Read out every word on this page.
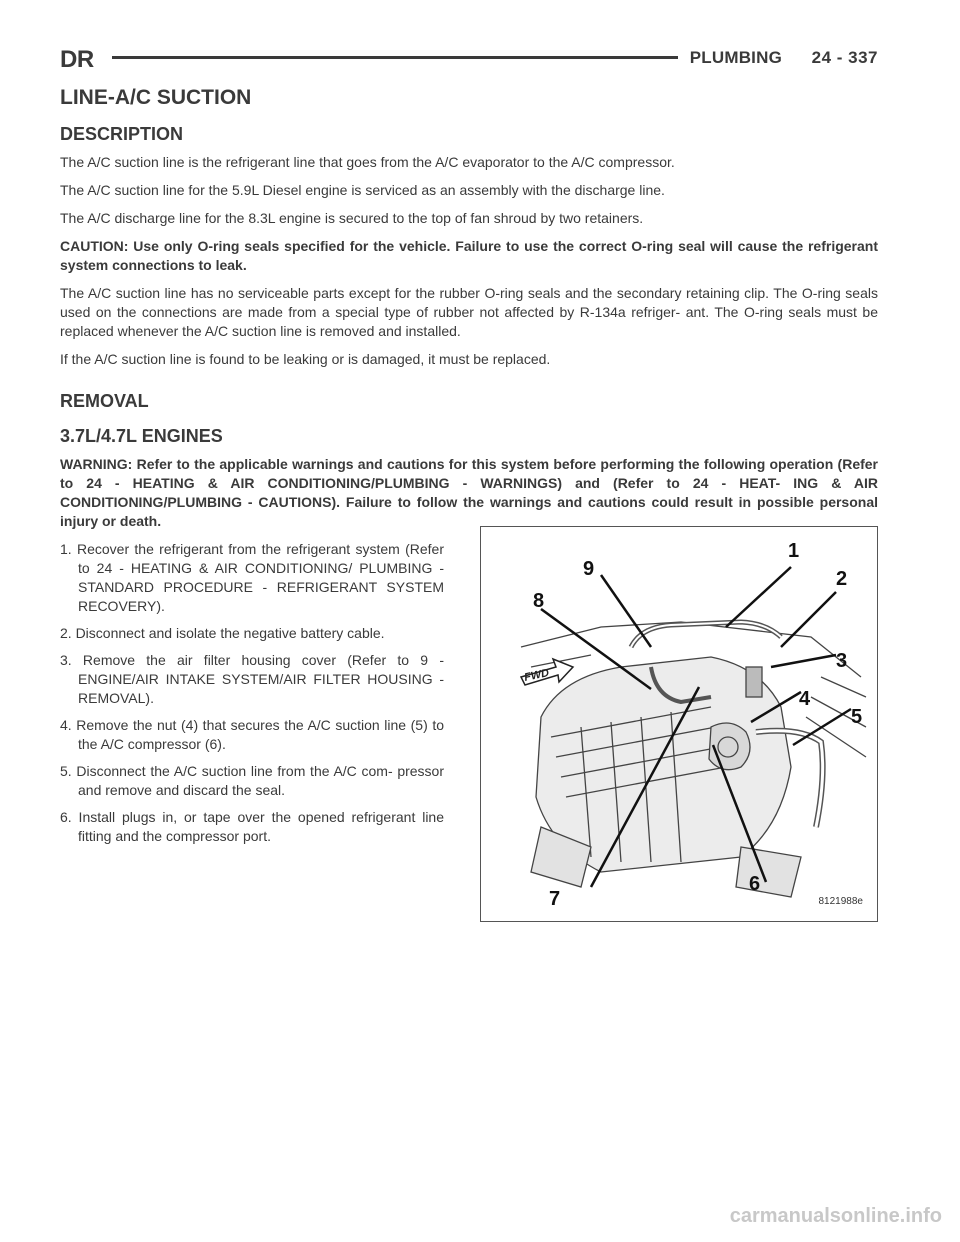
DR	PLUMBING 24 - 337
LINE-A/C SUCTION
DESCRIPTION

The A/C suction line is the refrigerant line that goes from the A/C evaporator to the A/C compressor.

The A/C suction line for the 5.9L Diesel engine is serviced as an assembly with the discharge line.

The A/C discharge line for the 8.3L engine is secured to the top of fan shroud by two retainers.

CAUTION: Use only O-ring seals specified for the vehicle. Failure to use the correct O-ring seal will cause the refrigerant system connections to leak.

The A/C suction line has no serviceable parts except for the rubber O-ring seals and the secondary retaining clip. The O-ring seals used on the connections are made from a special type of rubber not affected by R-134a refriger- ant. The O-ring seals must be replaced whenever the A/C suction line is removed and installed.

If the A/C suction line is found to be leaking or is damaged, it must be replaced.

REMOVAL
3.7L/4.7L ENGINES

WARNING: Refer to the applicable warnings and cautions for this system before performing the following operation (Refer to 24 - HEATING & AIR CONDITIONING/PLUMBING - WARNINGS) and (Refer to 24 - HEAT- ING & AIR CONDITIONING/PLUMBING - CAUTIONS). Failure to follow the warnings and cautions could result in possible personal injury or death.

1. Recover the refrigerant from the refrigerant system (Refer to 24 - HEATING & AIR CONDITIONING/ PLUMBING - STANDARD PROCEDURE - REFRIGERANT SYSTEM RECOVERY).
2. Disconnect and isolate the negative battery cable.
3. Remove the air filter housing cover (Refer to 9 - ENGINE/AIR INTAKE SYSTEM/AIR FILTER HOUSING - REMOVAL).
4. Remove the nut (4) that secures the A/C suction line (5) to the A/C compressor (6).
5. Disconnect the A/C suction line from the A/C com- pressor and remove and discard the seal.
6. Install plugs in, or tape over the opened refrigerant line fitting and the compressor port.
FWD
1
2
3
4
5
6
7
8
9
8121988e
carmanualsonline.info
